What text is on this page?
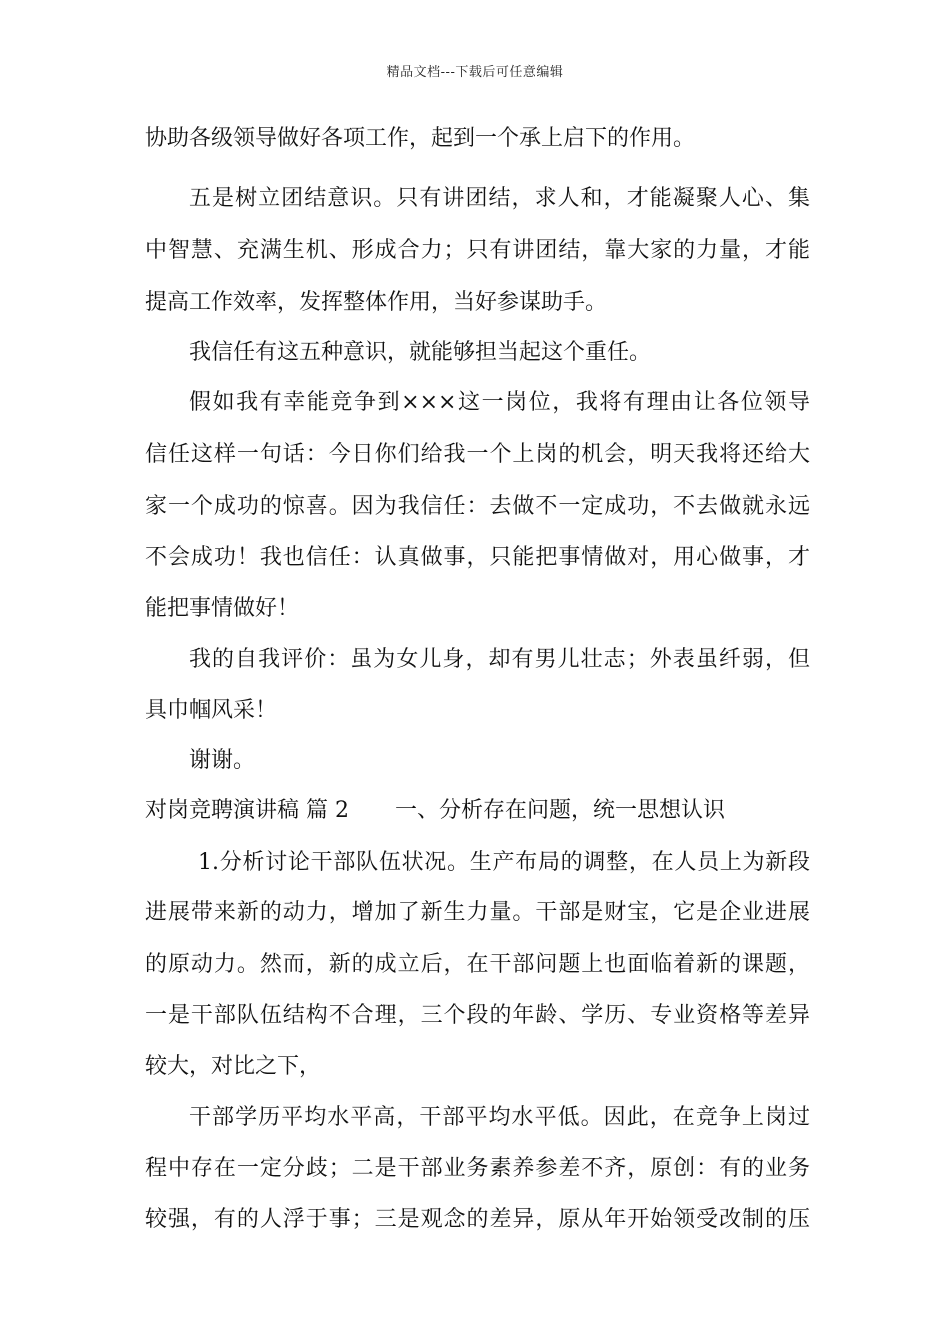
精品文档---下载后可任意编辑
协助各级领导做好各项工作，起到一个承上启下的作用。
五是树立团结意识。只有讲团结，求人和，才能凝聚人心、集
中智慧、充满生机、形成合力；只有讲团结，靠大家的力量，才能
提高工作效率，发挥整体作用，当好参谋助手。
我信任有这五种意识，就能够担当起这个重任。
假如我有幸能竞争到×××这一岗位，我将有理由让各位领导
信任这样一句话：今日你们给我一个上岗的机会，明天我将还给大
家一个成功的惊喜。因为我信任：去做不一定成功，不去做就永远
不会成功！我也信任：认真做事，只能把事情做对，用心做事，才
能把事情做好！
我的自我评价：虽为女儿身，却有男儿壮志；外表虽纤弱，但
具巾帼风采！
谢谢。
对岗竞聘演讲稿 篇 2 一、分析存在问题，统一思想认识
1.分析讨论干部队伍状况。生产布局的调整，在人员上为新段
进展带来新的动力，增加了新生力量。干部是财宝，它是企业进展
的原动力。然而，新的成立后，在干部问题上也面临着新的课题，
一是干部队伍结构不合理，三个段的年龄、学历、专业资格等差异
较大，对比之下，
干部学历平均水平高，干部平均水平低。因此，在竞争上岗过
程中存在一定分歧；二是干部业务素养参差不齐，原创：有的业务
较强，有的人浮于事；三是观念的差异，原从年开始领受改制的压
